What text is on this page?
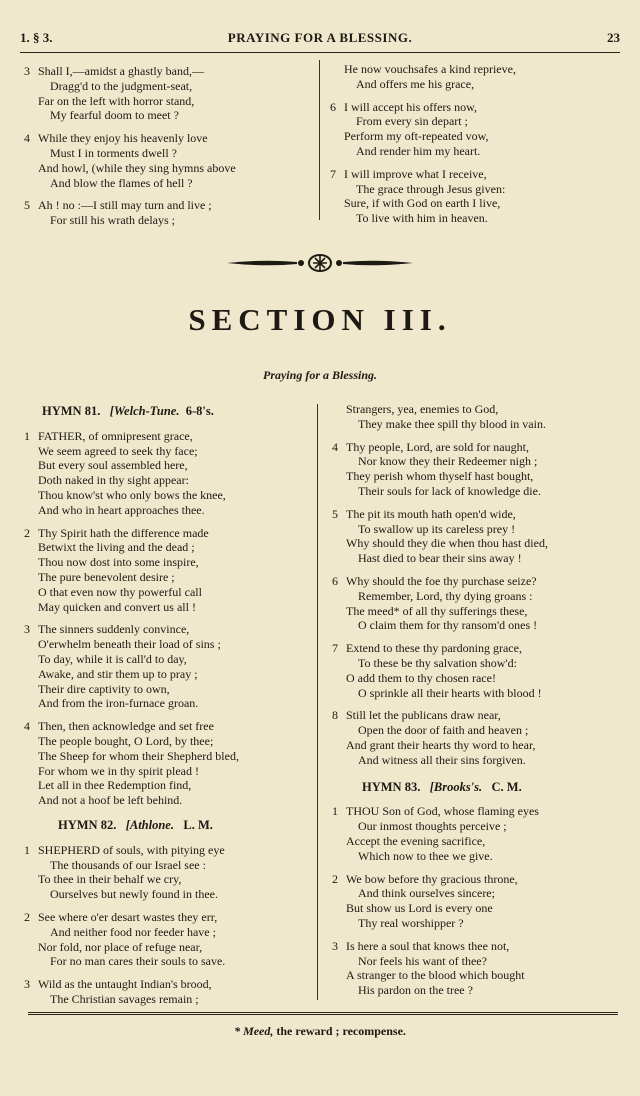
1. § 3.	PRAYING FOR A BLESSING.	23
3 Shall I,—amidst a ghastly band,—
Dragg'd to the judgment-seat,
Far on the left with horror stand,
My fearful doom to meet ?
4 While they enjoy his heavenly love
Must I in torments dwell ?
And howl, (while they sing hymns above
And blow the flames of hell ?
5 Ah ! no :—I still may turn and live ;
For still his wrath delays ;
He now vouchsafes a kind reprieve,
And offers me his grace,
6 I will accept his offers now,
From every sin depart ;
Perform my oft-repeated vow,
And render him my heart.
7 I will improve what I receive,
The grace through Jesus given:
Sure, if with God on earth I live,
To live with him in heaven.
SECTION III.
Praying for a Blessing.
HYMN 81. [Welch-Tune. 6-8's.
1 FATHER, of omnipresent grace,
We seem agreed to seek thy face;
But every soul assembled here,
Doth naked in thy sight appear:
Thou know'st who only bows the knee,
And who in heart approaches thee.
2 Thy Spirit hath the difference made
Betwixt the living and the dead ;
Thou now dost into some inspire,
The pure benevolent desire ;
O that even now thy powerful call
May quicken and convert us all !
3 The sinners suddenly convince,
O'erwhelm beneath their load of sins ;
To day, while it is call'd to day,
Awake, and stir them up to pray ;
Their dire captivity to own,
And from the iron-furnace groan.
4 Then, then acknowledge and set free
The people bought, O Lord, by thee;
The Sheep for whom their Shepherd bled,
For whom we in thy spirit plead !
Let all in thee Redemption find,
And not a hoof be left behind.
HYMN 82. [Athlone. L. M.
1 SHEPHERD of souls, with pitying eye
The thousands of our Israel see :
To thee in their behalf we cry,
Ourselves but newly found in thee.
2 See where o'er desart wastes they err,
And neither food nor feeder have ;
Nor fold, nor place of refuge near,
For no man cares their souls to save.
3 Wild as the untaught Indian's brood,
The Christian savages remain ;
Strangers, yea, enemies to God,
They make thee spill thy blood in vain.
4 Thy people, Lord, are sold for naught,
Nor know they their Redeemer nigh ;
They perish whom thyself hast bought,
Their souls for lack of knowledge die.
5 The pit its mouth hath open'd wide,
To swallow up its careless prey !
Why should they die when thou hast died,
Hast died to bear their sins away !
6 Why should the foe thy purchase seize?
Remember, Lord, thy dying groans :
The meed* of all thy sufferings these,
O claim them for thy ransom'd ones !
7 Extend to these thy pardoning grace,
To these be thy salvation show'd:
O add them to thy chosen race!
O sprinkle all their hearts with blood !
8 Still let the publicans draw near,
Open the door of faith and heaven ;
And grant their hearts thy word to hear,
And witness all their sins forgiven.
HYMN 83. [Brooks's. C. M.
1 THOU Son of God, whose flaming eyes
Our inmost thoughts perceive ;
Accept the evening sacrifice,
Which now to thee we give.
2 We bow before thy gracious throne,
And think ourselves sincere;
But show us Lord is every one
Thy real worshipper ?
3 Is here a soul that knows thee not,
Nor feels his want of thee?
A stranger to the blood which bought
His pardon on the tree ?
* Meed, the reward ; recompense.
